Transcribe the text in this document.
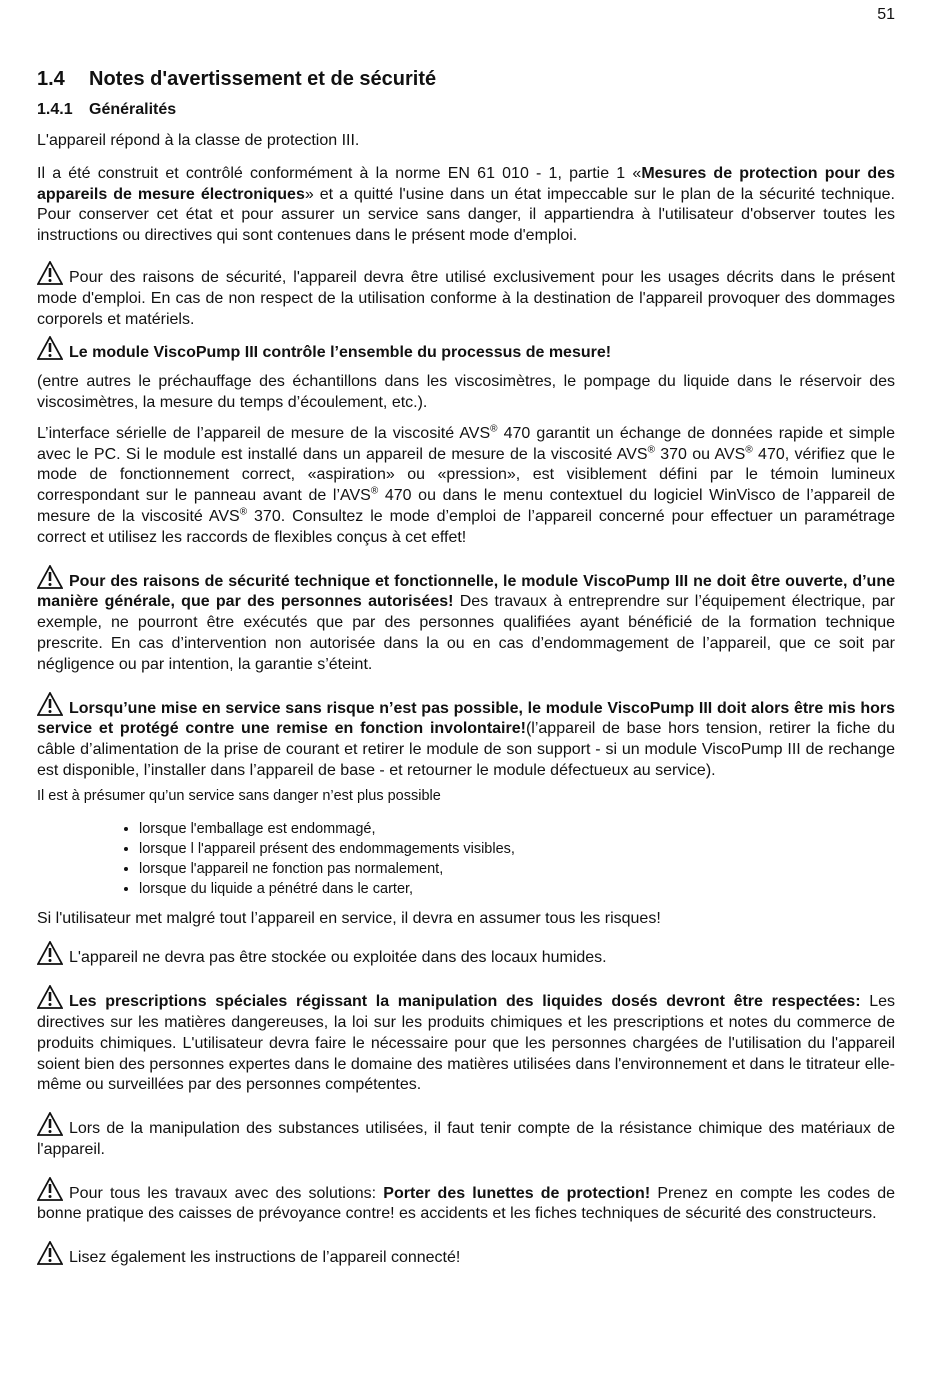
51
1.4 Notes d'avertissement et de sécurité
1.4.1 Généralités

L'appareil répond à la classe de protection III.

Il a été construit et contrôlé conformément à la norme EN 61 010 - 1, partie 1 «Mesures de protection pour des appareils de mesure électroniques» et a quitté l'usine dans un état impeccable sur le plan de la sécurité technique. Pour conserver cet état et pour assurer un service sans danger, il appartiendra à l'utilisateur d'observer toutes les instructions ou directives qui sont contenues dans le présent mode d'emploi.

Pour des raisons de sécurité, l'appareil devra être utilisé exclusivement pour les usages décrits dans le présent mode d'emploi. En cas de non respect de la utilisation conforme à la destination de l'appareil provoquer des dommages corporels et matériels.

Le module ViscoPump III contrôle l’ensemble du processus de mesure!

(entre autres le préchauffage des échantillons dans les viscosimètres, le pompage du liquide dans le réservoir des viscosimètres, la mesure du temps d’écoulement, etc.).

L’interface sérielle de l’appareil de mesure de la viscosité AVS® 470 garantit un échange de données rapide et simple avec le PC. Si le module est installé dans un appareil de mesure de la viscosité AVS® 370 ou AVS® 470, vérifiez que le mode de fonctionnement correct, «aspiration» ou «pression», est visiblement défini par le témoin lumineux correspondant sur le panneau avant de l’AVS® 470 ou dans le menu contextuel du logiciel WinVisco de l’appareil de mesure de la viscosité AVS® 370. Consultez le mode d’emploi de l’appareil concerné pour effectuer un paramétrage correct et utilisez les raccords de flexibles conçus à cet effet!

Pour des raisons de sécurité technique et fonctionnelle, le module ViscoPump III ne doit être ouverte, d’une manière générale, que par des personnes autorisées! Des travaux à entreprendre sur l’équipement électrique, par exemple, ne pourront être exécutés que par des personnes qualifiées ayant bénéficié de la formation technique prescrite. En cas d’intervention non autorisée dans la ou en cas d’endommagement de l’appareil, que ce soit par négligence ou par intention, la garantie s’éteint.

Lorsqu’une mise en service sans risque n’est pas possible, le module ViscoPump III doit alors être mis hors service et protégé contre une remise en fonction involontaire!(l’appareil de base hors tension, retirer la fiche du câble d’alimentation de la prise de courant et retirer le module de son support - si un module ViscoPump III de rechange est disponible, l’installer dans l’appareil de base - et retourner le module défectueux au service).

Il est à présumer qu’un service sans danger n’est plus possible

• lorsque l'emballage est endommagé,
• lorsque l l'appareil présent des endommagements visibles,
• lorsque l'appareil ne fonction pas normalement,
• lorsque du liquide a pénétré dans le carter,

Si l'utilisateur met malgré tout l’appareil en service, il devra en assumer tous les risques!

L'appareil ne devra pas être stockée ou exploitée dans des locaux humides.

Les prescriptions spéciales régissant la manipulation des liquides dosés devront être respectées: Les directives sur les matières dangereuses, la loi sur les produits chimiques et les prescriptions et notes du commerce de produits chimiques. L'utilisateur devra faire le nécessaire pour que les personnes chargées de l'utilisation du l'appareil soient bien des personnes expertes dans le domaine des matières utilisées dans l'environnement et dans le titrateur elle-même ou surveillées par des personnes compétentes.

Lors de la manipulation des substances utilisées, il faut tenir compte de la résistance chimique des matériaux de l'appareil.

Pour tous les travaux avec des solutions: Porter des lunettes de protection! Prenez en compte les codes de bonne pratique des caisses de prévoyance contre! es accidents et les fiches techniques de sécurité des constructeurs.

Lisez également les instructions de l’appareil connecté!
